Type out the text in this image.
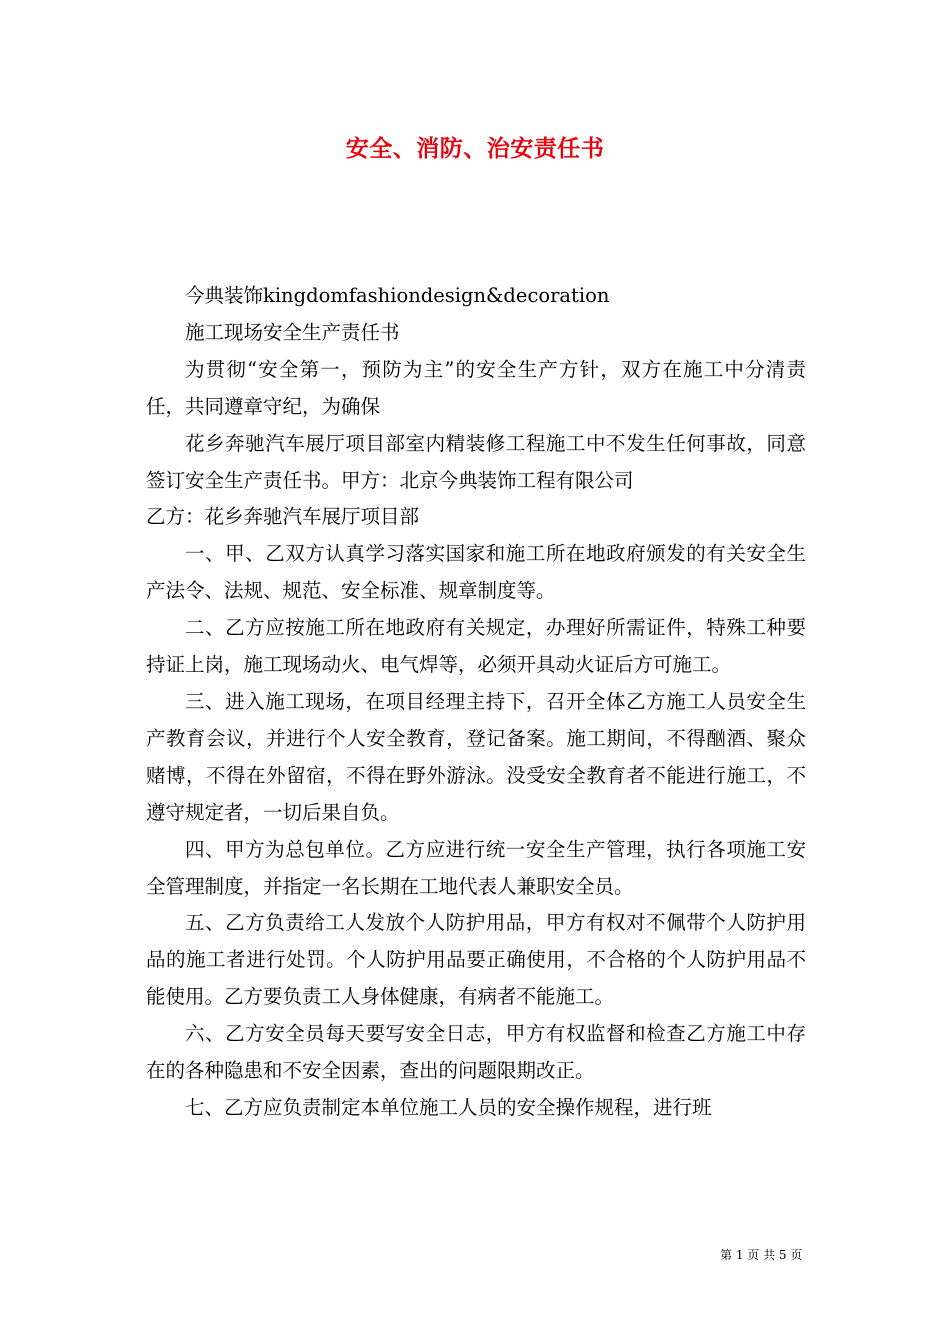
安全、消防、治安责任书

今典装饰kingdomfashiondesign&decoration

施工现场安全生产责任书

为贯彻“安全第一，预防为主”的安全生产方针，双方在施工中分清责任，共同遵章守纪，为确保

花乡奔驰汽车展厅项目部室内精装修工程施工中不发生任何事故，同意签订安全生产责任书。甲方：北京今典装饰工程有限公司

乙方：花乡奔驰汽车展厅项目部

一、甲、乙双方认真学习落实国家和施工所在地政府颁发的有关安全生产法令、法规、规范、安全标准、规章制度等。

二、乙方应按施工所在地政府有关规定，办理好所需证件，特殊工种要持证上岗，施工现场动火、电气焊等，必须开具动火证后方可施工。

三、进入施工现场，在项目经理主持下，召开全体乙方施工人员安全生产教育会议，并进行个人安全教育，登记备案。施工期间，不得酗酒、聚众赌博，不得在外留宿，不得在野外游泳。没受安全教育者不能进行施工，不遵守规定者，一切后果自负。

四、甲方为总包单位。乙方应进行统一安全生产管理，执行各项施工安全管理制度，并指定一名长期在工地代表人兼职安全员。

五、乙方负责给工人发放个人防护用品，甲方有权对不佩带个人防护用品的施工者进行处罚。个人防护用品要正确使用，不合格的个人防护用品不能使用。乙方要负责工人身体健康，有病者不能施工。

六、乙方安全员每天要写安全日志，甲方有权监督和检查乙方施工中存在的各种隐患和不安全因素，查出的问题限期改正。

七、乙方应负责制定本单位施工人员的安全操作规程，进行班

第 1 页 共 5 页
